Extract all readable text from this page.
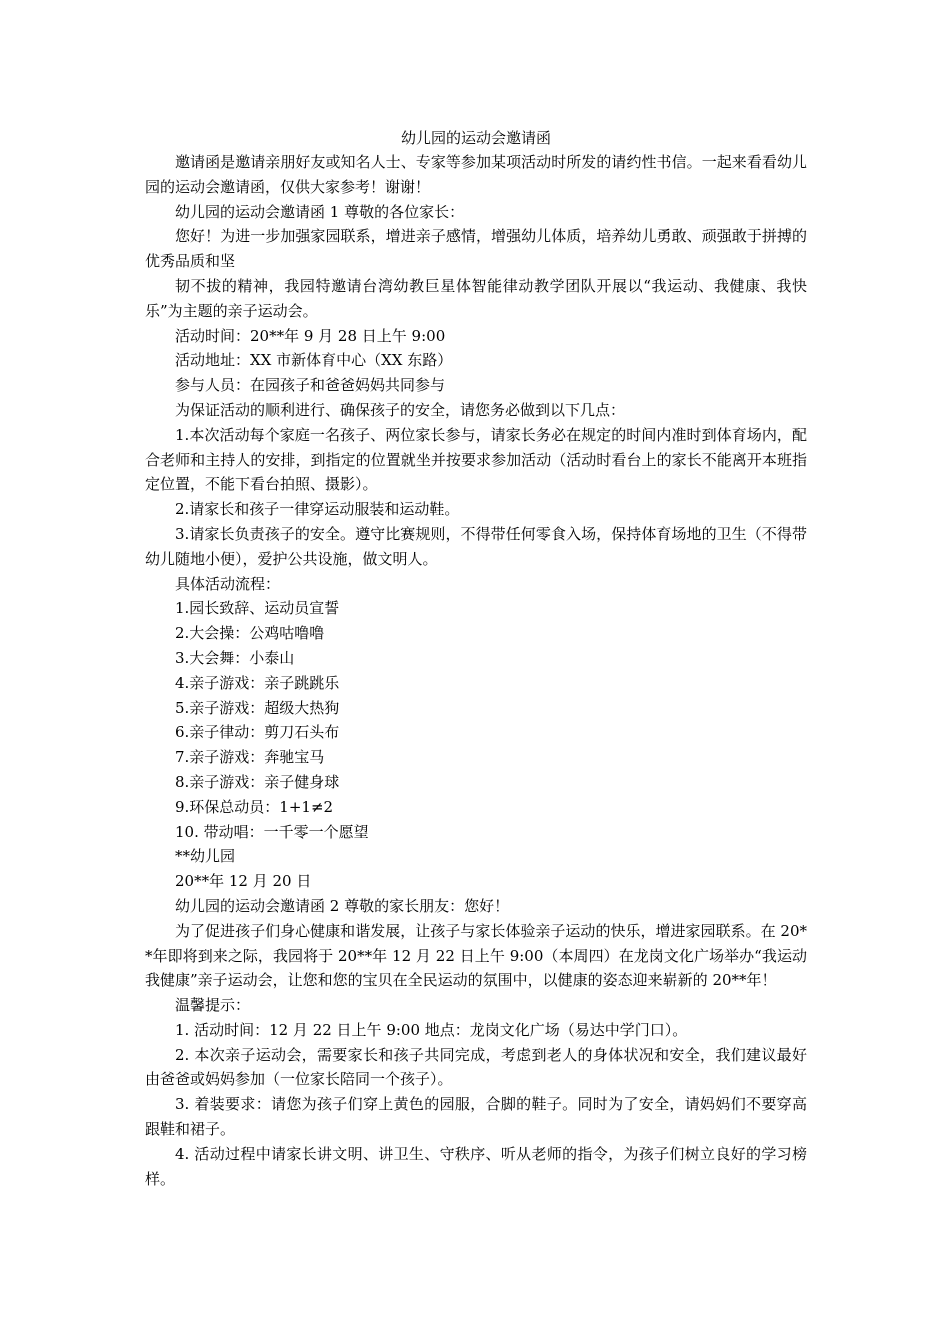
幼儿园的运动会邀请函

邀请函是邀请亲朋好友或知名人士、专家等参加某项活动时所发的请约性书信。一起来看看幼儿园的运动会邀请函，仅供大家参考！谢谢！

幼儿园的运动会邀请函 1 尊敬的各位家长：

您好！为进一步加强家园联系，增进亲子感情，增强幼儿体质，培养幼儿勇敢、顽强敢于拼搏的优秀品质和坚

韧不拔的精神，我园特邀请台湾幼教巨星体智能律动教学团队开展以“我运动、我健康、我快乐”为主题的亲子运动会。

活动时间：20**年 9 月 28 日上午 9:00

活动地址：XX 市新体育中心（XX 东路）

参与人员：在园孩子和爸爸妈妈共同参与

为保证活动的顺利进行、确保孩子的安全，请您务必做到以下几点：

1.本次活动每个家庭一名孩子、两位家长参与，请家长务必在规定的时间内准时到体育场内，配合老师和主持人的安排，到指定的位置就坐并按要求参加活动（活动时看台上的家长不能离开本班指定位置，不能下看台拍照、摄影）。

2.请家长和孩子一律穿运动服装和运动鞋。

3.请家长负责孩子的安全。遵守比赛规则，不得带任何零食入场，保持体育场地的卫生（不得带幼儿随地小便），爱护公共设施，做文明人。

具体活动流程：

1.园长致辞、运动员宣誓

2.大会操：公鸡咕噜噜

3.大会舞：小泰山

4.亲子游戏：亲子跳跳乐

5.亲子游戏：超级大热狗

6.亲子律动：剪刀石头布

7.亲子游戏：奔驰宝马

8.亲子游戏：亲子健身球

9.环保总动员：1+1≠2

10. 带动唱：一千零一个愿望

**幼儿园

20**年 12 月 20 日

幼儿园的运动会邀请函 2 尊敬的家长朋友：您好！

为了促进孩子们身心健康和谐发展，让孩子与家长体验亲子运动的快乐，增进家园联系。在 20**年即将到来之际，我园将于 20**年 12 月 22 日上午 9:00（本周四）在龙岗文化广场举办“我运动我健康”亲子运动会，让您和您的宝贝在全民运动的氛围中，以健康的姿态迎来崭新的 20**年！

温馨提示：

1. 活动时间：12 月 22 日上午 9:00 地点：龙岗文化广场（易达中学门口）。

2. 本次亲子运动会，需要家长和孩子共同完成，考虑到老人的身体状况和安全，我们建议最好由爸爸或妈妈参加（一位家长陪同一个孩子）。

3. 着装要求：请您为孩子们穿上黄色的园服，合脚的鞋子。同时为了安全，请妈妈们不要穿高跟鞋和裙子。

4. 活动过程中请家长讲文明、讲卫生、守秩序、听从老师的指令，为孩子们树立良好的学习榜样。
